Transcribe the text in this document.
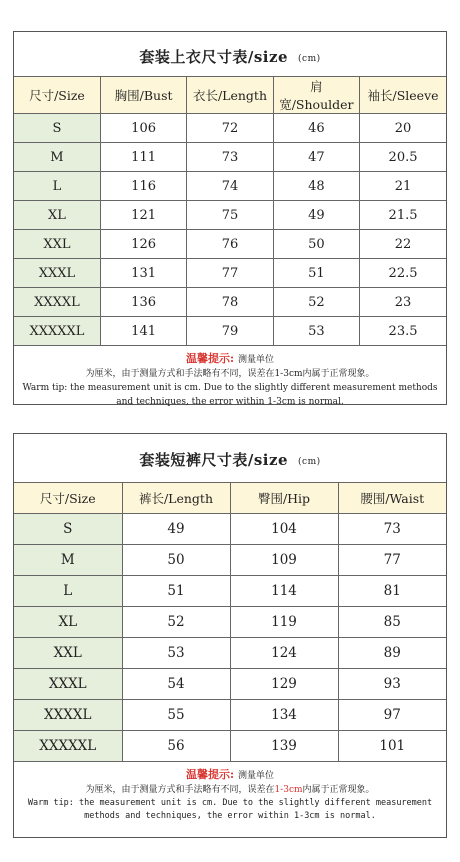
套装上衣尺寸表/size (cm)
尺寸/Size	胸围/Bust	衣长/Length	肩宽/Shoulder	袖长/Sleeve
S	106	72	46	20
M	111	73	47	20.5
L	116	74	48	21
XL	121	75	49	21.5
XXL	126	76	50	22
XXXL	131	77	51	22.5
XXXXL	136	78	52	23
XXXXXL	141	79	53	23.5
温馨提示: 测量单位
为厘米，由于测量方式和手法略有不同，误差在1-3cm内属于正常现象。
Warm tip: the measurement unit is cm. Due to the slightly different measurement methods
and techniques, the error within 1-3cm is normal.
套装短裤尺寸表/size (cm)
尺寸/Size	裤长/Length	臀围/Hip	腰围/Waist
S	49	104	73
M	50	109	77
L	51	114	81
XL	52	119	85
XXL	53	124	89
XXXL	54	129	93
XXXXL	55	134	97
XXXXXL	56	139	101
温馨提示: 测量单位
为厘米，由于测量方式和手法略有不同，误差在1-3cm内属于正常现象。
Warm tip: the measurement unit is cm. Due to the slightly different measurement
methods and techniques, the error within 1-3cm is normal.
